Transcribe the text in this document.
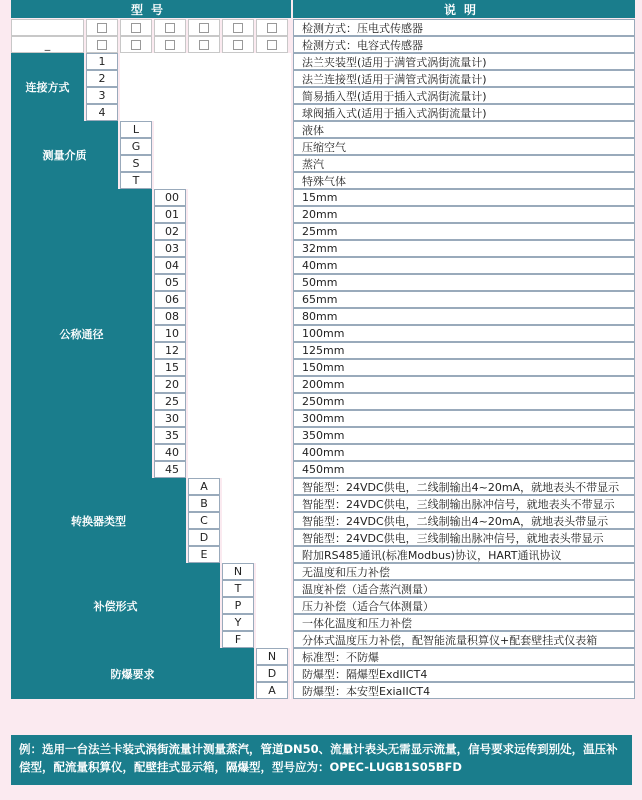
型号	说明
检测方式：压电式传感器
_	检测方式：电容式传感器
连接方式
1	法兰夹装型(适用于满管式涡街流量计)
2	法兰连接型(适用于满管式涡街流量计)
3	简易插入型(适用于插入式涡街流量计)
4	球阀插入式(适用于插入式涡街流量计)
测量介质
L	液体
G	压缩空气
S	蒸汽
T	特殊气体
公称通径
00	15mm
01	20mm
02	25mm
03	32mm
04	40mm
05	50mm
06	65mm
08	80mm
10	100mm
12	125mm
15	150mm
20	200mm
25	250mm
30	300mm
35	350mm
40	400mm
45	450mm
转换器类型
A	智能型：24VDC供电，二线制输出4~20mA，就地表头不带显示
B	智能型：24VDC供电，三线制输出脉冲信号，就地表头不带显示
C	智能型：24VDC供电，二线制输出4~20mA，就地表头带显示
D	智能型：24VDC供电，三线制输出脉冲信号，就地表头带显示
E	附加RS485通讯(标准Modbus)协议，HART通讯协议
补偿形式
N	无温度和压力补偿
T	温度补偿（适合蒸汽测量）
P	压力补偿（适合气体测量）
Y	一体化温度和压力补偿
F	分体式温度压力补偿，配智能流量积算仪+配套壁挂式仪表箱
防爆要求
N	标准型：不防爆
D	防爆型：隔爆型ExdIICT4
A	防爆型：本安型ExiaIICT4
例：选用一台法兰卡装式涡街流量计测量蒸汽，管道DN50、流量计表头无需显示流量，信号要求远传到别处，温压补偿型，配流量积算仪，配壁挂式显示箱，隔爆型，型号应为：OPEC-LUGB1S05BFD
